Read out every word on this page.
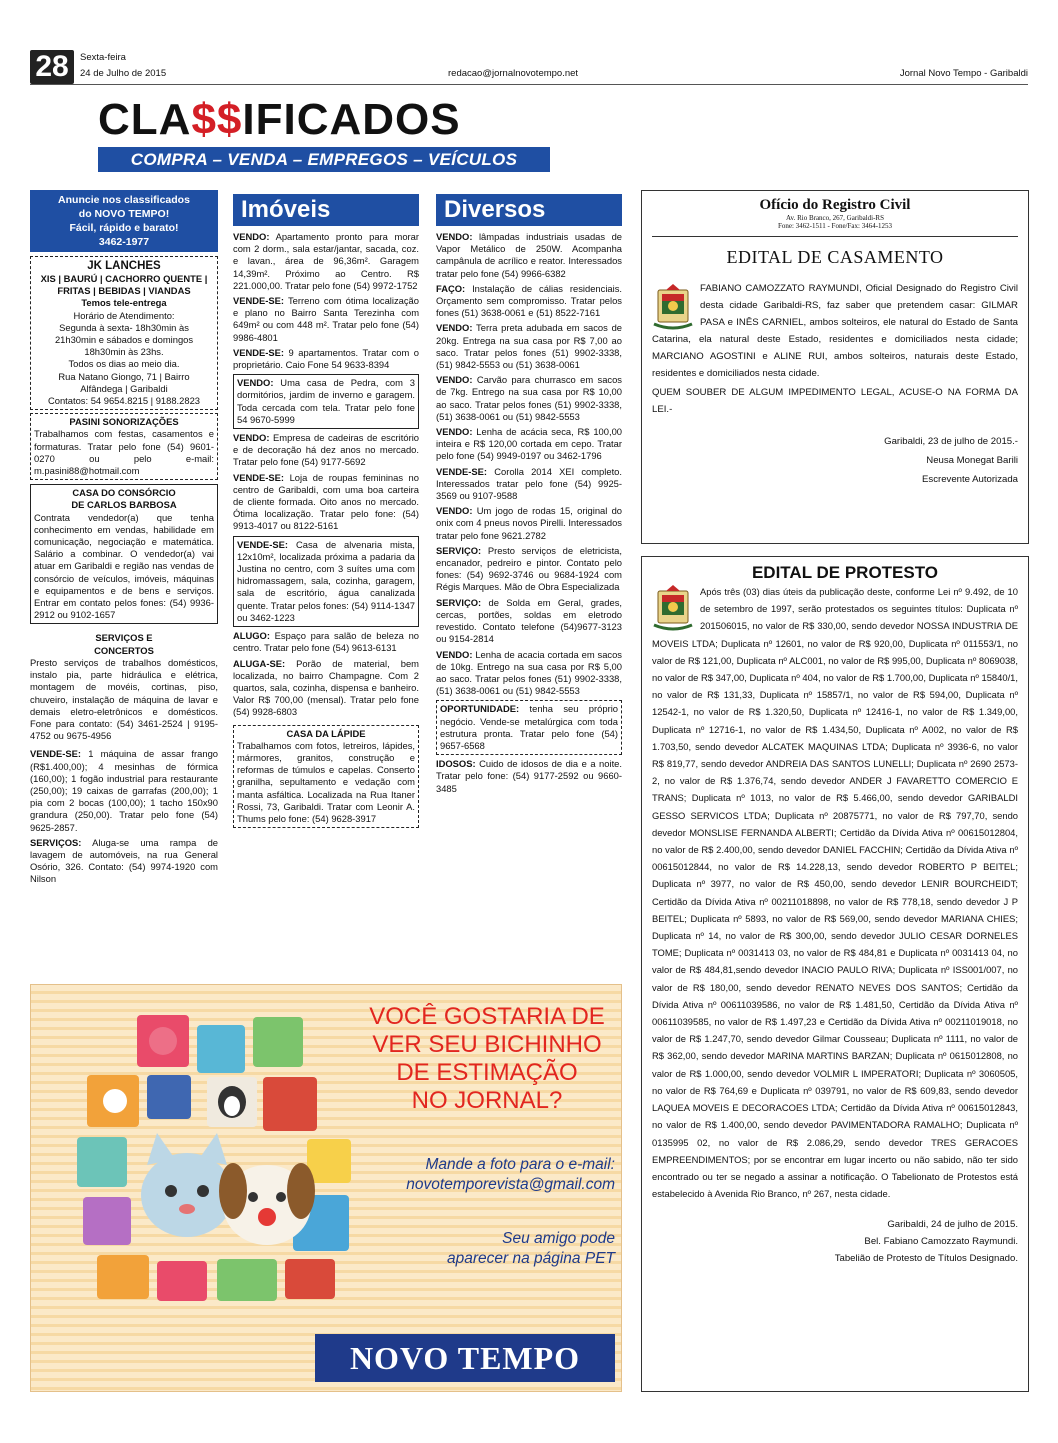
28	Sexta-feira
24 de Julho de 2015	redacao@jornalnovotempo.net	Jornal Novo Tempo - Garibaldi
CLA$$IFICADOS
COMPRA – VENDA – EMPREGOS – VEÍCULOS
Anuncie nos classificados
do NOVO TEMPO!
Fácil, rápido e barato!
3462-1977
JK LANCHES
XIS | BAURÚ | CACHORRO QUENTE |
FRITAS | BEBIDAS | VIANDAS
Temos tele-entrega
Horário de Atendimento:
Segunda à sexta- 18h30min às
21h30min e sábados e domingos
18h30min às 23hs.
Todos os dias ao meio dia.
Rua Natano Giongo, 71 | Bairro
Alfândega | Garibaldi
Contatos: 54 9654.8215 | 9188.2823
PASINI SONORIZAÇÕES
Trabalhamos com festas, casamentos e formaturas. Tratar pelo fone (54) 9601-0270 ou pelo e-mail: m.pasini88@hotmail.com
CASA DO CONSÓRCIO
DE CARLOS BARBOSA
Contrata vendedor(a) que tenha conhecimento em vendas, habilidade em comunicação, negociação e matemática. Salário a combinar. O vendedor(a) vai atuar em Garibaldi e região nas vendas de consórcio de veículos, imóveis, máquinas e equipamentos e de bens e serviços. Entrar em contato pelos fones: (54) 9936-2912 ou 9102-1657
SERVIÇOS E
CONCERTOS
Presto serviços de trabalhos domésticos, instalo pia, parte hidráulica e elétrica, montagem de movéis, cortinas, piso, chuveiro, instalação de máquina de lavar e demais eletro-eletrônicos e domésticos. Fone para contato: (54) 3461-2524 | 9195-4752 ou 9675-4956

VENDE-SE: 1 máquina de assar frango (R$1.400,00); 4 mesinhas de fórmica (160,00); 1 fogão industrial para restaurante (250,00); 19 caixas de garrafas (200,00); 1 pia com 2 bocas (100,00); 1 tacho 150x90 grandura (250,00). Tratar pelo fone (54) 9625-2857.

SERVIÇOS: Aluga-se uma rampa de lavagem de automóveis, na rua General Osório, 326. Contato: (54) 9974-1920 com Nilson

Imóveis

VENDO: Apartamento pronto para morar com 2 dorm., sala estar/jantar, sacada, coz. e lavan., área de 96,36m². Garagem 14,39m². Próximo ao Centro. R$ 221.000,00. Tratar pelo fone (54) 9972-1752

VENDE-SE: Terreno com ótima localização e plano no Bairro Santa Terezinha com 649m² ou com 448 m². Tratar pelo fone (54) 9986-4801

VENDE-SE: 9 apartamentos. Tratar com o proprietário. Caio Fone 54 9633-8394

VENDO: Uma casa de Pedra, com 3 dormitórios, jardim de inverno e garagem. Toda cercada com tela. Tratar pelo fone 54 9670-5999

VENDO: Empresa de cadeiras de escritório e de decoração há dez anos no mercado. Tratar pelo fone (54) 9177-5692

VENDE-SE: Loja de roupas femininas no centro de Garibaldi, com uma boa carteira de cliente formada. Oito anos no mercado. Ótima localização. Tratar pelo fone: (54) 9913-4017 ou 8122-5161

VENDE-SE: Casa de alvenaria mista, 12x10m², localizada próxima a padaria da Justina no centro, com 3 suítes uma com hidromassagem, sala, cozinha, garagem, sala de escritório, água canalizada quente. Tratar pelos fones: (54) 9114-1347 ou 3462-1223

ALUGO: Espaço para salão de beleza no centro. Tratar pelo fone (54) 9613-6131

ALUGA-SE: Porão de material, bem localizada, no bairro Champagne. Com 2 quartos, sala, cozinha, dispensa e banheiro. Valor R$ 700,00 (mensal). Tratar pelo fone (54) 9928-6803

CASA DA LÁPIDE
Trabalhamos com fotos, letreiros, lápides, mármores, granitos, construção e reformas de túmulos e capelas. Conserto granilha, sepultamento e vedação com manta asfáltica. Localizada na Rua Itaner Rossi, 73, Garibaldi. Tratar com Leonir A. Thums pelo fone: (54) 9628-3917
Diversos

VENDO: lâmpadas industriais usadas de Vapor Metálico de 250W. Acompanha campânula de acrílico e reator. Interessados tratar pelo fone (54) 9966-6382

FAÇO: Instalação de cálias residenciais. Orçamento sem compromisso. Tratar pelos fones (51) 3638-0061 e (51) 8522-7161

VENDO: Terra preta adubada em sacos de 20kg. Entrega na sua casa por R$ 7,00 ao saco. Tratar pelos fones (51) 9902-3338, (51) 9842-5553 ou (51) 3638-0061

VENDO: Carvão para churrasco em sacos de 7kg. Entrego na sua casa por R$ 10,00 ao saco. Tratar pelos fones (51) 9902-3338, (51) 3638-0061 ou (51) 9842-5553

VENDO: Lenha de acácia seca, R$ 100,00 inteira e R$ 120,00 cortada em cepo. Tratar pelo fone (54) 9949-0197 ou 3462-1796

VENDE-SE: Corolla 2014 XEI completo. Interessados tratar pelo fone (54) 9925-3569 ou 9107-9588

VENDO: Um jogo de rodas 15, original do onix com 4 pneus novos Pirelli. Interessados tratar pelo fone 9621.2782

SERVIÇO: Presto serviços de eletricista, encanador, pedreiro e pintor. Contato pelo fones: (54) 9692-3746 ou 9684-1924 com Régis Marques. Mão de Obra Especializada

SERVIÇO: de Solda em Geral, grades, cercas, portões, soldas em eletrodo revestido. Contato telefone (54)9677-3123 ou 9154-2814

VENDO: Lenha de acacia cortada em sacos de 10kg. Entrego na sua casa por R$ 5,00 ao saco. Tratar pelos fones (51) 9902-3338, (51) 3638-0061 ou (51) 9842-5553

OPORTUNIDADE: tenha seu próprio negócio. Vende-se metalúrgica com toda estrutura pronta. Tratar pelo fone (54) 9657-6568

IDOSOS: Cuido de idosos de dia e a noite. Tratar pelo fone: (54) 9177-2592 ou 9660-3485

Ofício do Registro Civil
Av. Rio Branco, 267, Garibaldi-RS
Fone: 3462-1511 - Fone/Fax: 3464-1253
EDITAL DE CASAMENTO
FABIANO CAMOZZATO RAYMUNDI, Oficial Designado do Registro Civil desta cidade Garibaldi-RS, faz saber que pretendem casar: GILMAR PASA e INÊS CARNIEL, ambos solteiros, ele natural do Estado de Santa Catarina, ela natural deste Estado, residentes e domiciliados nesta cidade; MARCIANO AGOSTINI e ALINE RUI, ambos solteiros, naturais deste Estado, residentes e domiciliados nesta cidade.
QUEM SOUBER DE ALGUM IMPEDIMENTO LEGAL, ACUSE-O NA FORMA DA LEI.-
Garibaldi, 23 de julho de 2015.-
Neusa Monegat Barili
Escrevente Autorizada
EDITAL DE PROTESTO
Após três (03) dias úteis da publicação deste, conforme Lei nº 9.492, de 10 de setembro de 1997, serão protestados os seguintes títulos: Duplicata nº 201506015, no valor de R$ 330,00, sendo devedor NOSSA INDUSTRIA DE MOVEIS LTDA; Duplicata nº 12601, no valor de R$ 920,00, Duplicata nº 011553/1, no valor de R$ 121,00, Duplicata nº ALC001, no valor de R$ 995,00, Duplicata nº 8069038, no valor de R$ 347,00, Duplicata nº 404, no valor de R$ 1.700,00, Duplicata nº 15840/1, no valor de R$ 131,33, Duplicata nº 15857/1, no valor de R$ 594,00, Duplicata nº 12542-1, no valor de R$ 1.320,50, Duplicata nº 12416-1, no valor de R$ 1.349,00, Duplicata nº 12716-1, no valor de R$ 1.434,50, Duplicata nº A002, no valor de R$ 1.703,50, sendo devedor ALCATEK MAQUINAS LTDA; Duplicata nº 3936-6, no valor R$ 819,77, sendo devedor ANDREIA DAS SANTOS LUNELLI; Duplicata nº 2690 2573-2, no valor de R$ 1.376,74, sendo devedor ANDER J FAVARETTO COMERCIO E TRANS; Duplicata nº 1013, no valor de R$ 5.466,00, sendo devedor GARIBALDI GESSO SERVICOS LTDA; Duplicata nº 20875771, no valor de R$ 797,70, sendo devedor MONSLISE FERNANDA ALBERTI; Certidão da Dívida Ativa nº 00615012804, no valor de R$ 2.400,00, sendo devedor DANIEL FACCHIN; Certidão da Dívida Ativa nº 00615012844, no valor de R$ 14.228,13, sendo devedor ROBERTO P BEITEL; Duplicata nº 3977, no valor de R$ 450,00, sendo devedor LENIR BOURCHEIDT; Certidão da Dívida Ativa nº 00211018898, no valor de R$ 778,18, sendo devedor J P BEITEL; Duplicata nº 5893, no valor de R$ 569,00, sendo devedor MARIANA CHIES; Duplicata nº 14, no valor de R$ 300,00, sendo devedor JULIO CESAR DORNELES TOME; Duplicata nº 0031413 03, no valor de R$ 484,81 e Duplicata nº 0031413 04, no valor de R$ 484,81,sendo devedor INACIO PAULO RIVA; Duplicata nº ISS001/007, no valor de R$ 180,00, sendo devedor RENATO NEVES DOS SANTOS; Certidão da Dívida Ativa nº 00611039586, no valor de R$ 1.481,50, Certidão da Dívida Ativa nº 00611039585, no valor de R$ 1.497,23 e Certidão da Dívida Ativa nº 00211019018, no valor de R$ 1.247,70, sendo devedor Gilmar Cousseau; Duplicata nº 1111, no valor de R$ 362,00, sendo devedor MARINA MARTINS BARZAN; Duplicata nº 0615012808, no valor de R$ 1.000,00, sendo devedor VOLMIR L IMPERATORI; Duplicata nº 3060505, no valor de R$ 764,69 e Duplicata nº 039791, no valor de R$ 609,83, sendo devedor LAQUEA MOVEIS E DECORACOES LTDA; Certidão da Dívida Ativa nº 00615012843, no valor de R$ 1.400,00, sendo devedor PAVIMENTADORA RAMALHO; Duplicata nº 0135995 02, no valor de R$ 2.086,29, sendo devedor TRES GERACOES EMPREENDIMENTOS; por se encontrar em lugar incerto ou não sabido, não ter sido encontrado ou ter se negado a assinar a notificação. O Tabelionato de Protestos está estabelecido à Avenida Rio Branco, nº 267, nesta cidade.
Garibaldi, 24 de julho de 2015.
Bel. Fabiano Camozzato Raymundi.
Tabelião de Protesto de Títulos Designado.
VOCÊ GOSTARIA DE
VER SEU BICHINHO
DE ESTIMAÇÃO
NO JORNAL?
Mande a foto para o e-mail:
novotemporevista@gmail.com
Seu amigo pode
aparecer na página PET
NOVO TEMPO
